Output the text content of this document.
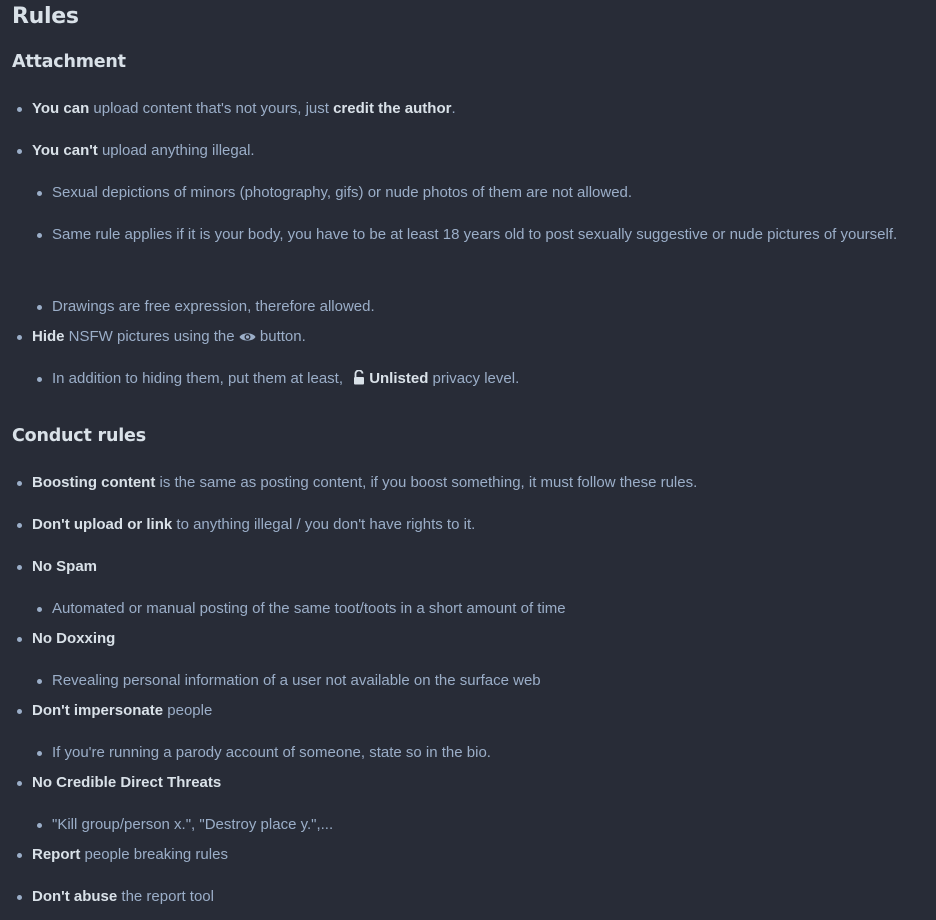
Rules
Attachment

You can upload content that's not yours, just credit the author.

You can't upload anything illegal.

Sexual depictions of minors (photography, gifs) or nude photos of them are not allowed.

Same rule applies if it is your body, you have to be at least 18 years old to post sexually suggestive or nude pictures of yourself.

Drawings are free expression, therefore allowed.

Hide NSFW pictures using the  button.

In addition to hiding them, put them at least, Unlisted privacy level.

Conduct rules

Boosting content is the same as posting content, if you boost something, it must follow these rules.

Don't upload or link to anything illegal / you don't have rights to it.

No Spam

Automated or manual posting of the same toot/toots in a short amount of time

No Doxxing

Revealing personal information of a user not available on the surface web

Don't impersonate people

If you're running a parody account of someone, state so in the bio.

No Credible Direct Threats

"Kill group/person x.", "Destroy place y.",...

Report people breaking rules

Don't abuse the report tool
